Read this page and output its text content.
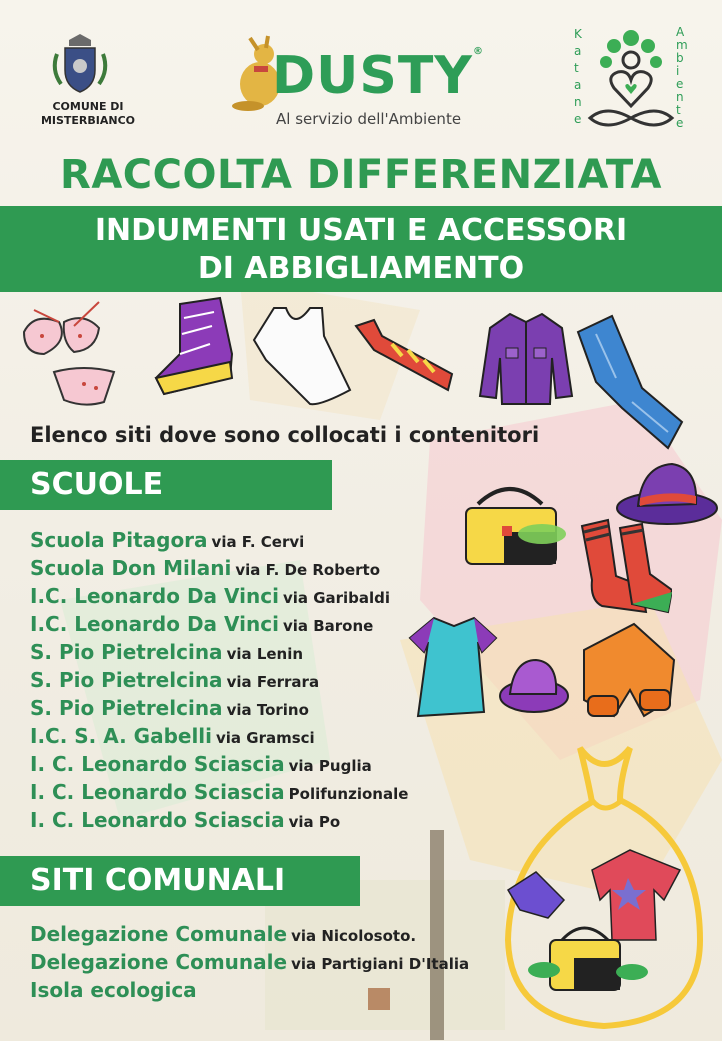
COMUNE DI MISTERBIANCO
DUSTY®
Al servizio dell'Ambiente
Katane
Ambiente
RACCOLTA DIFFERENZIATA
INDUMENTI USATI E ACCESSORI
DI ABBIGLIAMENTO
Elenco siti dove sono collocati i contenitori
SCUOLE
Scuola Pitagora via F. Cervi
Scuola Don Milani via F. De Roberto
I.C. Leonardo Da Vinci via Garibaldi
I.C. Leonardo Da Vinci via Barone
S. Pio Pietrelcina via Lenin
S. Pio Pietrelcina via Ferrara
S. Pio Pietrelcina via Torino
I.C. S. A. Gabelli via Gramsci
I. C. Leonardo Sciascia via Puglia
I. C. Leonardo Sciascia Polifunzionale
I. C. Leonardo Sciascia via Po
SITI COMUNALI
Delegazione Comunale via Nicolosoto.
Delegazione Comunale via Partigiani D'Italia
Isola ecologica
